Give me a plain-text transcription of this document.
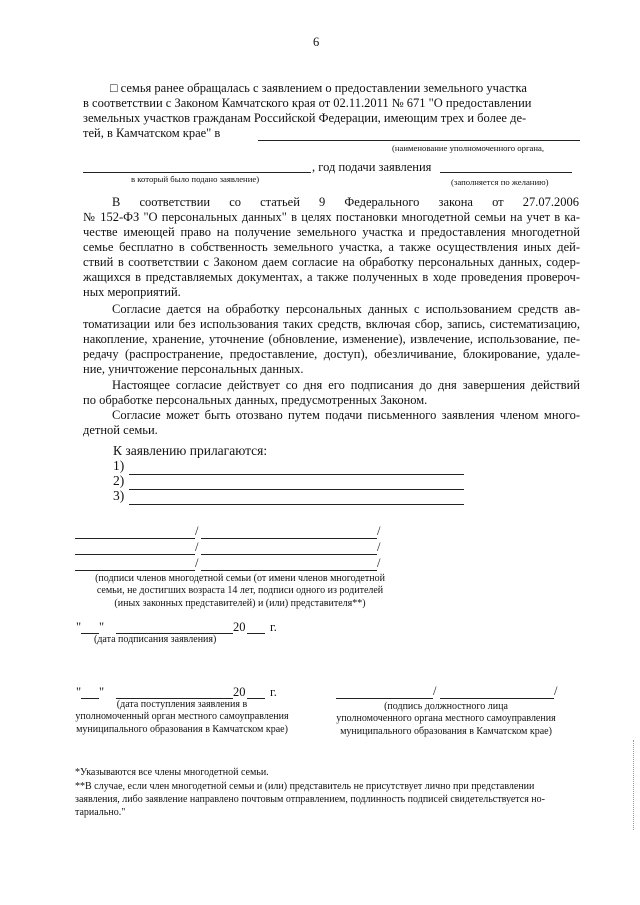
6
□ семья ранее обращалась с заявлением о предоставлении земельного участка
в соответствии с Законом Камчатского края от 02.11.2011 № 671 "О предоставлении
земельных участков гражданам Российской Федерации, имеющим трех и более де-
тей, в Камчатском крае" в
(наименование уполномоченного органа,
, год подачи заявления
в который было подано заявление)	(заполняется по желанию)
В соответствии со статьей 9 Федерального закона от 27.07.2006
№ 152-ФЗ "О персональных данных" в целях постановки многодетной семьи на учет в ка-
честве имеющей право на получение земельного участка и предоставления многодетной
семье бесплатно в собственность земельного участка, а также осуществления иных дей-
ствий в соответствии с Законом даем согласие на обработку персональных данных, содер-
жащихся в представляемых документах, а также полученных в ходе проведения провероч-
ных мероприятий.
Согласие дается на обработку персональных данных с использованием средств ав-
томатизации или без использования таких средств, включая сбор, запись, систематизацию,
накопление, хранение, уточнение (обновление, изменение), извлечение, использование, пе-
редачу (распространение, предоставление, доступ), обезличивание, блокирование, удале-
ние, уничтожение персональных данных.
Настоящее согласие действует со дня его подписания до дня завершения действий
по обработке персональных данных, предусмотренных Законом.
Согласие может быть отозвано путем подачи письменного заявления членом много-
детной семьи.
К заявлению прилагаются:
1)
2)
3)
/	/
/	/
/	/
(подписи членов многодетной семьи (от имени членов многодетной
семьи, не достигших возраста 14 лет, подписи одного из родителей
(иных законных представителей) и (или) представителя**)
" "	20 г.
(дата подписания заявления)
" "	20 г.
(дата поступления заявления в
уполномоченный орган местного самоуправления
муниципального образования в Камчатском крае)
/	/
(подпись должностного лица
уполномоченного органа местного самоуправления
муниципального образования в Камчатском крае)
*Указываются все члены многодетной семьи.
**В случае, если член многодетной семьи и (или) представитель не присутствует лично при представлении
заявления, либо заявление направлено почтовым отправлением, подлинность подписей свидетельствуется но-
тариально."
